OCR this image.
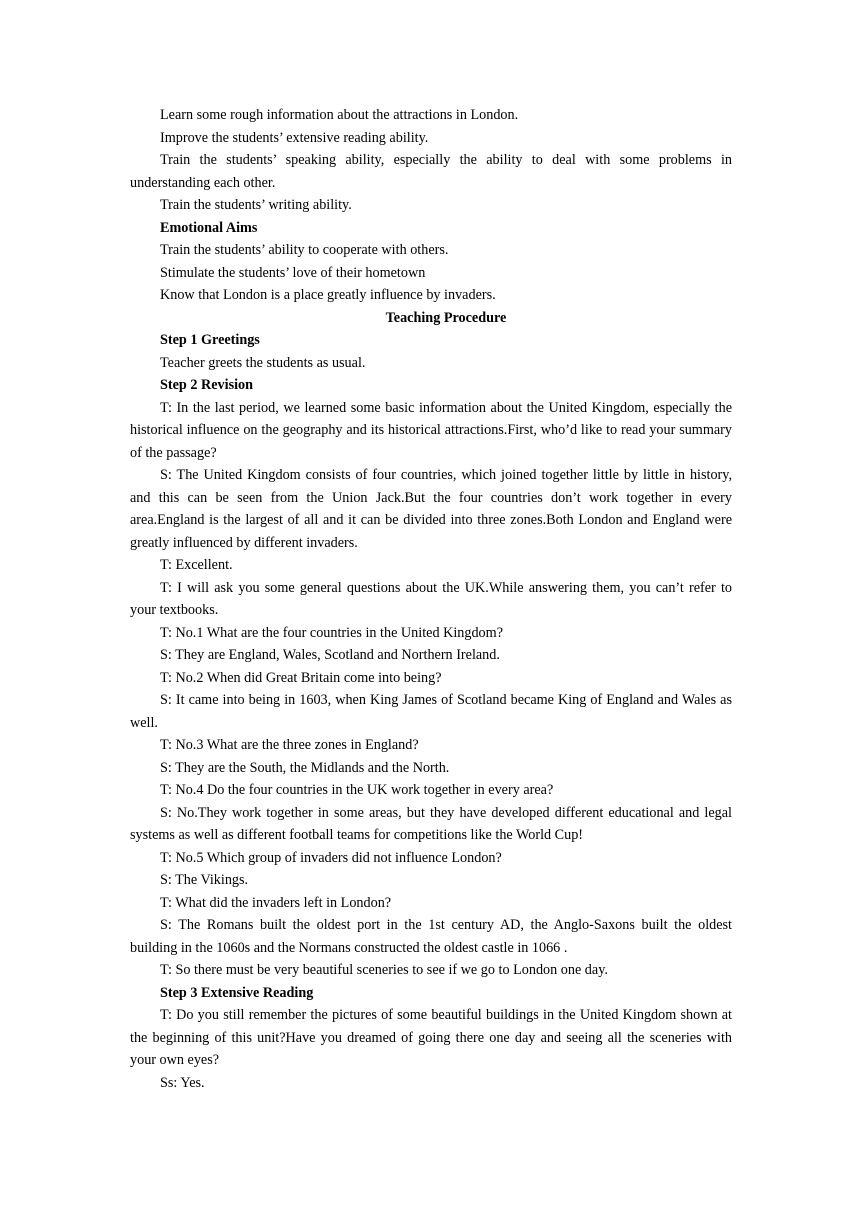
Learn some rough information about the attractions in London.

Improve the students’ extensive reading ability.

Train the students’ speaking ability, especially the ability to deal with some problems in understanding each other.

Train the students’ writing ability.

Emotional Aims

Train the students’ ability to cooperate with others.

Stimulate the students’ love of their hometown

Know that London is a place greatly influence by invaders.

Teaching Procedure

Step 1 Greetings

Teacher greets the students as usual.

Step 2 Revision

T: In the last period, we learned some basic information about the United Kingdom, especially the historical influence on the geography and its historical attractions.First, who’d like to read your summary of the passage?

S: The United Kingdom consists of four countries, which joined together little by little in history, and this can be seen from the Union Jack.But the four countries don’t work together in every area.England is the largest of all and it can be divided into three zones.Both London and England were greatly influenced by different invaders.

T: Excellent.

T: I will ask you some general questions about the UK.While answering them, you can’t refer to your textbooks.

T: No.1 What are the four countries in the United Kingdom?

S: They are England, Wales, Scotland and Northern Ireland.

T: No.2 When did Great Britain come into being?

S: It came into being in 1603, when King James of Scotland became King of England and Wales as well.

T: No.3 What are the three zones in England?

S: They are the South, the Midlands and the North.

T: No.4 Do the four countries in the UK work together in every area?

S: No.They work together in some areas, but they have developed different educational and legal systems as well as different football teams for competitions like the World Cup!

T: No.5 Which group of invaders did not influence London?

S: The Vikings.

T: What did the invaders left in London?

S: The Romans built the oldest port in the 1st century AD, the Anglo-Saxons built the oldest building in the 1060s and the Normans constructed the oldest castle in 1066 .

T: So there must be very beautiful sceneries to see if we go to London one day.

Step 3 Extensive Reading

T: Do you still remember the pictures of some beautiful buildings in the United Kingdom shown at the beginning of this unit?Have you dreamed of going there one day and seeing all the sceneries with your own eyes?

Ss: Yes.
